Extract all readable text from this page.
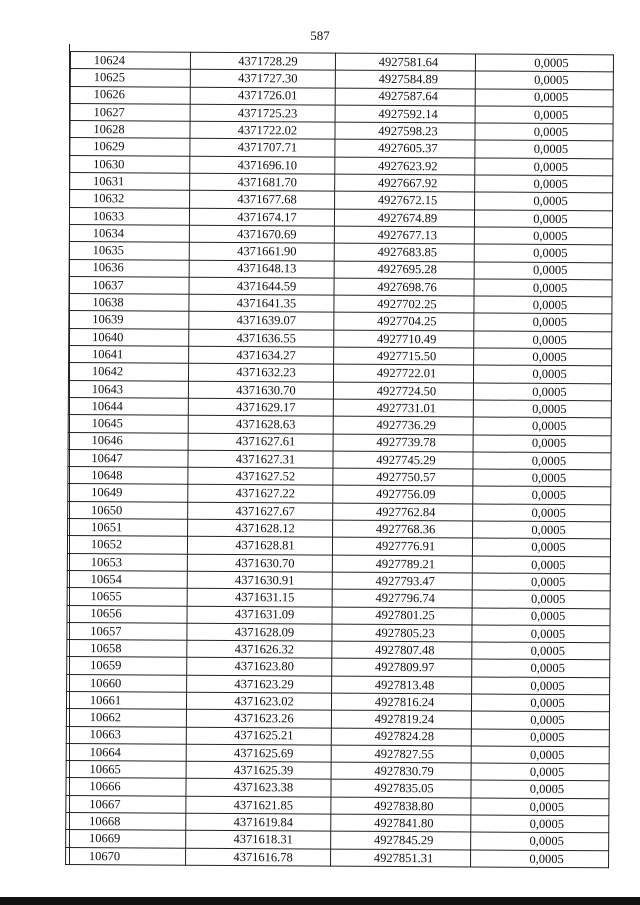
587
10624	4371728.29	4927581.64	0,0005
10625	4371727.30	4927584.89	0,0005
10626	4371726.01	4927587.64	0,0005
10627	4371725.23	4927592.14	0,0005
10628	4371722.02	4927598.23	0,0005
10629	4371707.71	4927605.37	0,0005
10630	4371696.10	4927623.92	0,0005
10631	4371681.70	4927667.92	0,0005
10632	4371677.68	4927672.15	0,0005
10633	4371674.17	4927674.89	0,0005
10634	4371670.69	4927677.13	0,0005
10635	4371661.90	4927683.85	0,0005
10636	4371648.13	4927695.28	0,0005
10637	4371644.59	4927698.76	0,0005
10638	4371641.35	4927702.25	0,0005
10639	4371639.07	4927704.25	0,0005
10640	4371636.55	4927710.49	0,0005
10641	4371634.27	4927715.50	0,0005
10642	4371632.23	4927722.01	0,0005
10643	4371630.70	4927724.50	0,0005
10644	4371629.17	4927731.01	0,0005
10645	4371628.63	4927736.29	0,0005
10646	4371627.61	4927739.78	0,0005
10647	4371627.31	4927745.29	0,0005
10648	4371627.52	4927750.57	0,0005
10649	4371627.22	4927756.09	0,0005
10650	4371627.67	4927762.84	0,0005
10651	4371628.12	4927768.36	0,0005
10652	4371628.81	4927776.91	0,0005
10653	4371630.70	4927789.21	0,0005
10654	4371630.91	4927793.47	0,0005
10655	4371631.15	4927796.74	0,0005
10656	4371631.09	4927801.25	0,0005
10657	4371628.09	4927805.23	0,0005
10658	4371626.32	4927807.48	0,0005
10659	4371623.80	4927809.97	0,0005
10660	4371623.29	4927813.48	0,0005
10661	4371623.02	4927816.24	0,0005
10662	4371623.26	4927819.24	0,0005
10663	4371625.21	4927824.28	0,0005
10664	4371625.69	4927827.55	0,0005
10665	4371625.39	4927830.79	0,0005
10666	4371623.38	4927835.05	0,0005
10667	4371621.85	4927838.80	0,0005
10668	4371619.84	4927841.80	0,0005
10669	4371618.31	4927845.29	0,0005
10670	4371616.78	4927851.31	0,0005
